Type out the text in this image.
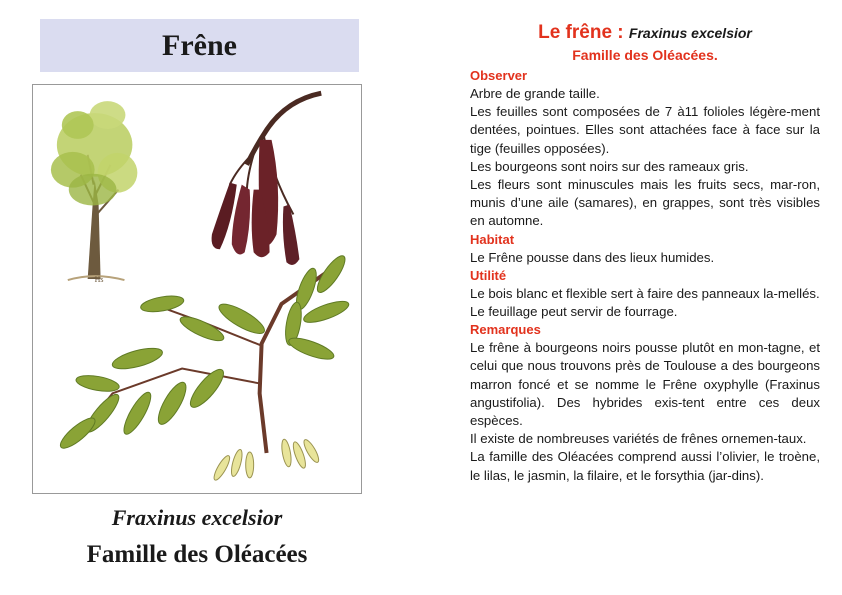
Frêne
Hs
Fraxinus excelsior
Famille des Oléacées

Le frêne : Fraxinus excelsior

Famille des Oléacées.

Observer

Arbre de grande taille.

Les feuilles sont composées de 7 à11 folioles légère-ment dentées, pointues. Elles sont attachées face à face sur la tige (feuilles opposées).

Les bourgeons sont noirs sur des rameaux gris.

Les fleurs sont minuscules mais les fruits secs, mar-ron, munis d’une aile (samares), en grappes, sont très visibles en automne.

Habitat

Le Frêne pousse dans des lieux humides.

Utilité

Le bois blanc et flexible sert à faire des panneaux la-mellés.

Le feuillage peut servir de fourrage.

Remarques

Le frêne à bourgeons noirs pousse plutôt en mon-tagne, et celui que nous trouvons près de Toulouse a des bourgeons marron foncé et se nomme le Frêne oxyphylle (Fraxinus angustifolia). Des hybrides exis-tent entre ces deux espèces.

Il existe de nombreuses variétés de frênes ornemen-taux.

La famille des Oléacées comprend aussi l’olivier, le troène, le lilas, le jasmin, la filaire, et le forsythia (jar-dins).
